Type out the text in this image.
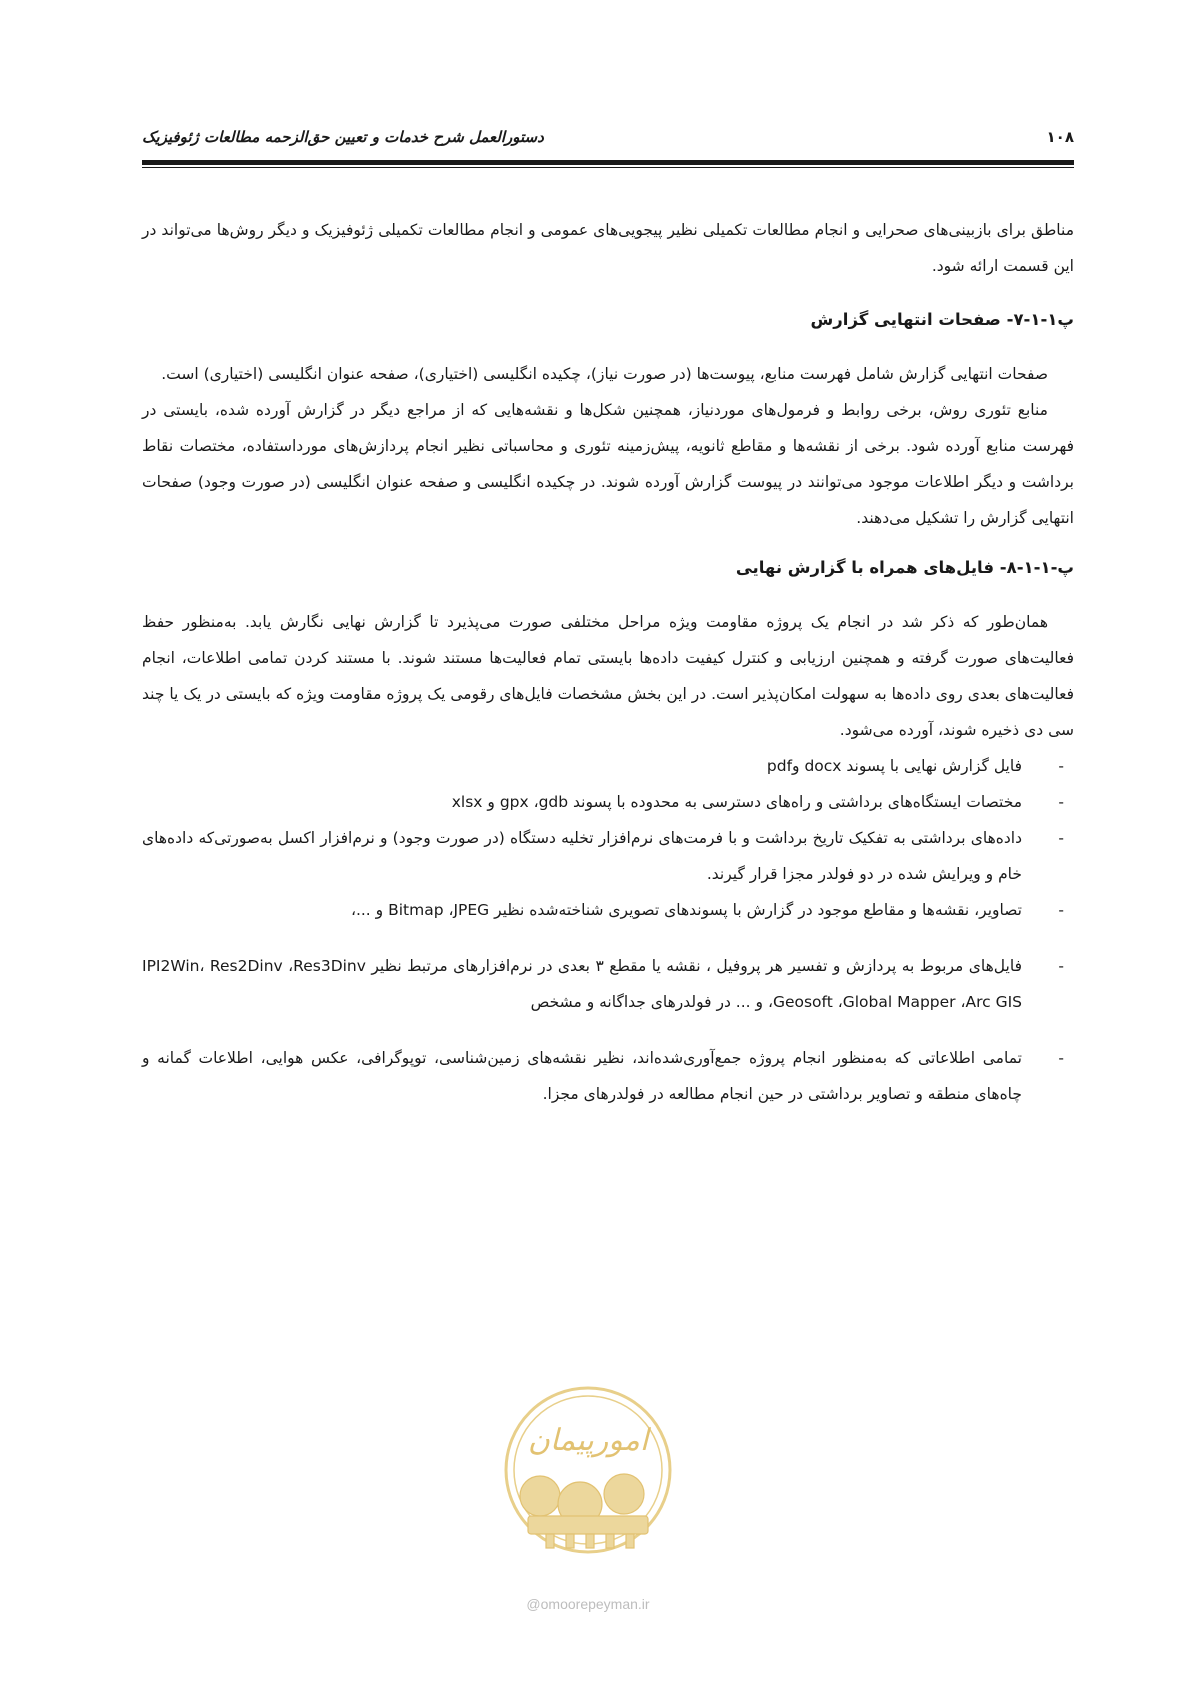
۱۰۸
دستورالعمل شرح خدمات و تعیین حق‌الزحمه مطالعات ژئوفیزیک

مناطق برای بازبینی‌های صحرایی و انجام مطالعات تکمیلی نظیر پیجویی‌های عمومی و انجام مطالعات تکمیلی ژئوفیزیک و دیگر روش‌ها می‌تواند در این قسمت ارائه شود.

پ۱-۱-۷- صفحات انتهایی گزارش

صفحات انتهایی گزارش شامل فهرست منابع، پیوست‌ها (در صورت نیاز)، چکیده انگلیسی (اختیاری)، صفحه عنوان انگلیسی (اختیاری) است.

منابع تئوری روش، برخی روابط و فرمول‌های موردنیاز، همچنین شکل‌ها و نقشه‌هایی که از مراجع دیگر در گزارش آورده شده، بایستی در فهرست منابع آورده شود. برخی از نقشه‌ها و مقاطع ثانویه، پیش‌زمینه تئوری و محاسباتی نظیر انجام پردازش‌های مورداستفاده، مختصات نقاط برداشت و دیگر اطلاعات موجود می‌توانند در پیوست گزارش آورده شوند. در چکیده انگلیسی و صفحه عنوان انگلیسی (در صورت وجود) صفحات انتهایی گزارش را تشکیل می‌دهند.

پ-۱-۱-۸- فایل‌های همراه با گزارش نهایی

همان‌طور که ذکر شد در انجام یک پروژه مقاومت ویژه مراحل مختلفی صورت می‌پذیرد تا گزارش نهایی نگارش یابد. به‌منظور حفظ فعالیت‌های صورت گرفته و همچنین ارزیابی و کنترل کیفیت داده‌ها بایستی تمام فعالیت‌ها مستند شوند. با مستند کردن تمامی اطلاعات، انجام فعالیت‌های بعدی روی داده‌ها به سهولت امکان‌پذیر است. در این بخش مشخصات فایل‌های رقومی یک پروژه مقاومت ویژه که بایستی در یک یا چند سی دی ذخیره شوند، آورده می‌شود.

-
فایل گزارش نهایی با پسوند docx وpdf
-
مختصات ایستگاه‌های برداشتی و راه‌های دسترسی به محدوده با پسوند gpx ،gdb و xlsx
-
داده‌های برداشتی به تفکیک تاریخ برداشت و با فرمت‌های نرم‌افزار تخلیه دستگاه (در صورت وجود) و نرم‌افزار اکسل به‌صورتی‌که داده‌های خام و ویرایش شده در دو فولدر مجزا قرار گیرند.
-
تصاویر، نقشه‌ها و مقاطع موجود در گزارش با پسوندهای تصویری شناخته‌شده نظیر Bitmap ،JPEG و ...،
-
فایل‌های مربوط به پردازش و تفسیر هر پروفیل ، نقشه یا مقطع ۳ بعدی در نرم‌افزارهای مرتبط نظیر IPI2Win، Res2Dinv ،Res3Dinv ،Geosoft ،Global Mapper ،Arc GIS و ... در فولدرهای جداگانه و مشخص
-
تمامی اطلاعاتی که به‌منظور انجام پروژه جمع‌آوری‌شده‌اند، نظیر نقشه‌های زمین‌شناسی، توپوگرافی، عکس هوایی، اطلاعات گمانه و چاه‌های منطقه و تصاویر برداشتی در حین انجام مطالعه در فولدرهای مجزا.
امورپیمان
@omoorepeyman.ir
